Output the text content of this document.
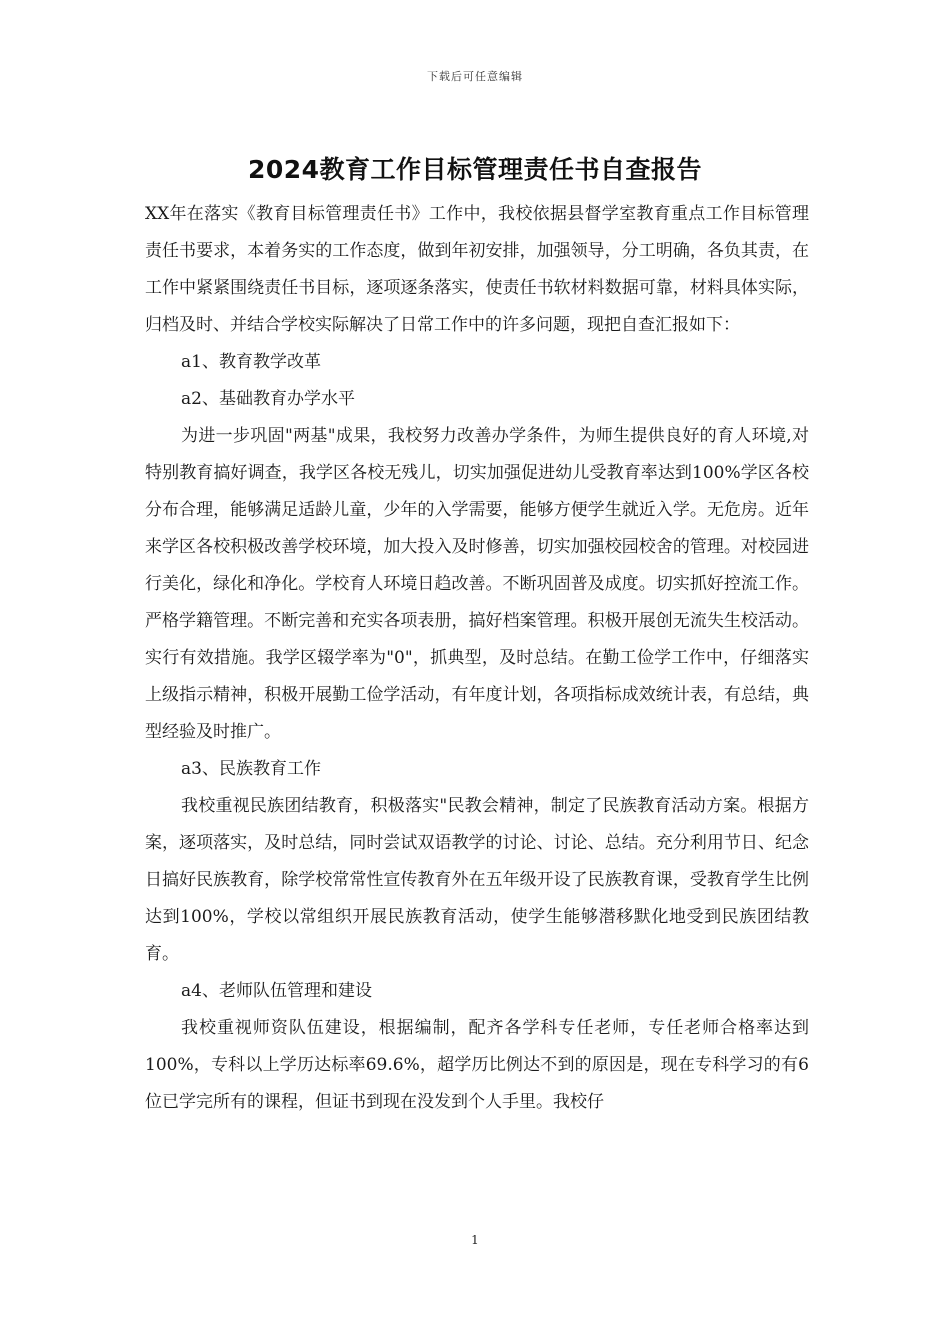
下载后可任意编辑
2024教育工作目标管理责任书自查报告

XX年在落实《教育目标管理责任书》工作中，我校依据县督学室教育重点工作目标管理责任书要求，本着务实的工作态度，做到年初安排，加强领导，分工明确，各负其责，在工作中紧紧围绕责任书目标，逐项逐条落实，使责任书软材料数据可靠，材料具体实际，归档及时、并结合学校实际解决了日常工作中的许多问题，现把自查汇报如下：

a1、教育教学改革

a2、基础教育办学水平

为进一步巩固"两基"成果，我校努力改善办学条件，为师生提供良好的育人环境,对特别教育搞好调查，我学区各校无残儿，切实加强促进幼儿受教育率达到100%学区各校分布合理，能够满足适龄儿童，少年的入学需要，能够方便学生就近入学。无危房。近年来学区各校积极改善学校环境，加大投入及时修善，切实加强校园校舍的管理。对校园进行美化，绿化和净化。学校育人环境日趋改善。不断巩固普及成度。切实抓好控流工作。严格学籍管理。不断完善和充实各项表册，搞好档案管理。积极开展创无流失生校活动。实行有效措施。我学区辍学率为"0"，抓典型，及时总结。在勤工俭学工作中，仔细落实上级指示精神，积极开展勤工俭学活动，有年度计划，各项指标成效统计表，有总结，典型经验及时推广。

a3、民族教育工作

我校重视民族团结教育，积极落实"民教会精神，制定了民族教育活动方案。根据方案，逐项落实，及时总结，同时尝试双语教学的讨论、讨论、总结。充分利用节日、纪念日搞好民族教育，除学校常常性宣传教育外在五年级开设了民族教育课，受教育学生比例达到100%，学校以常组织开展民族教育活动，使学生能够潜移默化地受到民族团结教育。

a4、老师队伍管理和建设

我校重视师资队伍建设，根据编制，配齐各学科专任老师，专任老师合格率达到100%，专科以上学历达标率69.6%，超学历比例达不到的原因是，现在专科学习的有6位已学完所有的课程，但证书到现在没发到个人手里。我校仔

1
